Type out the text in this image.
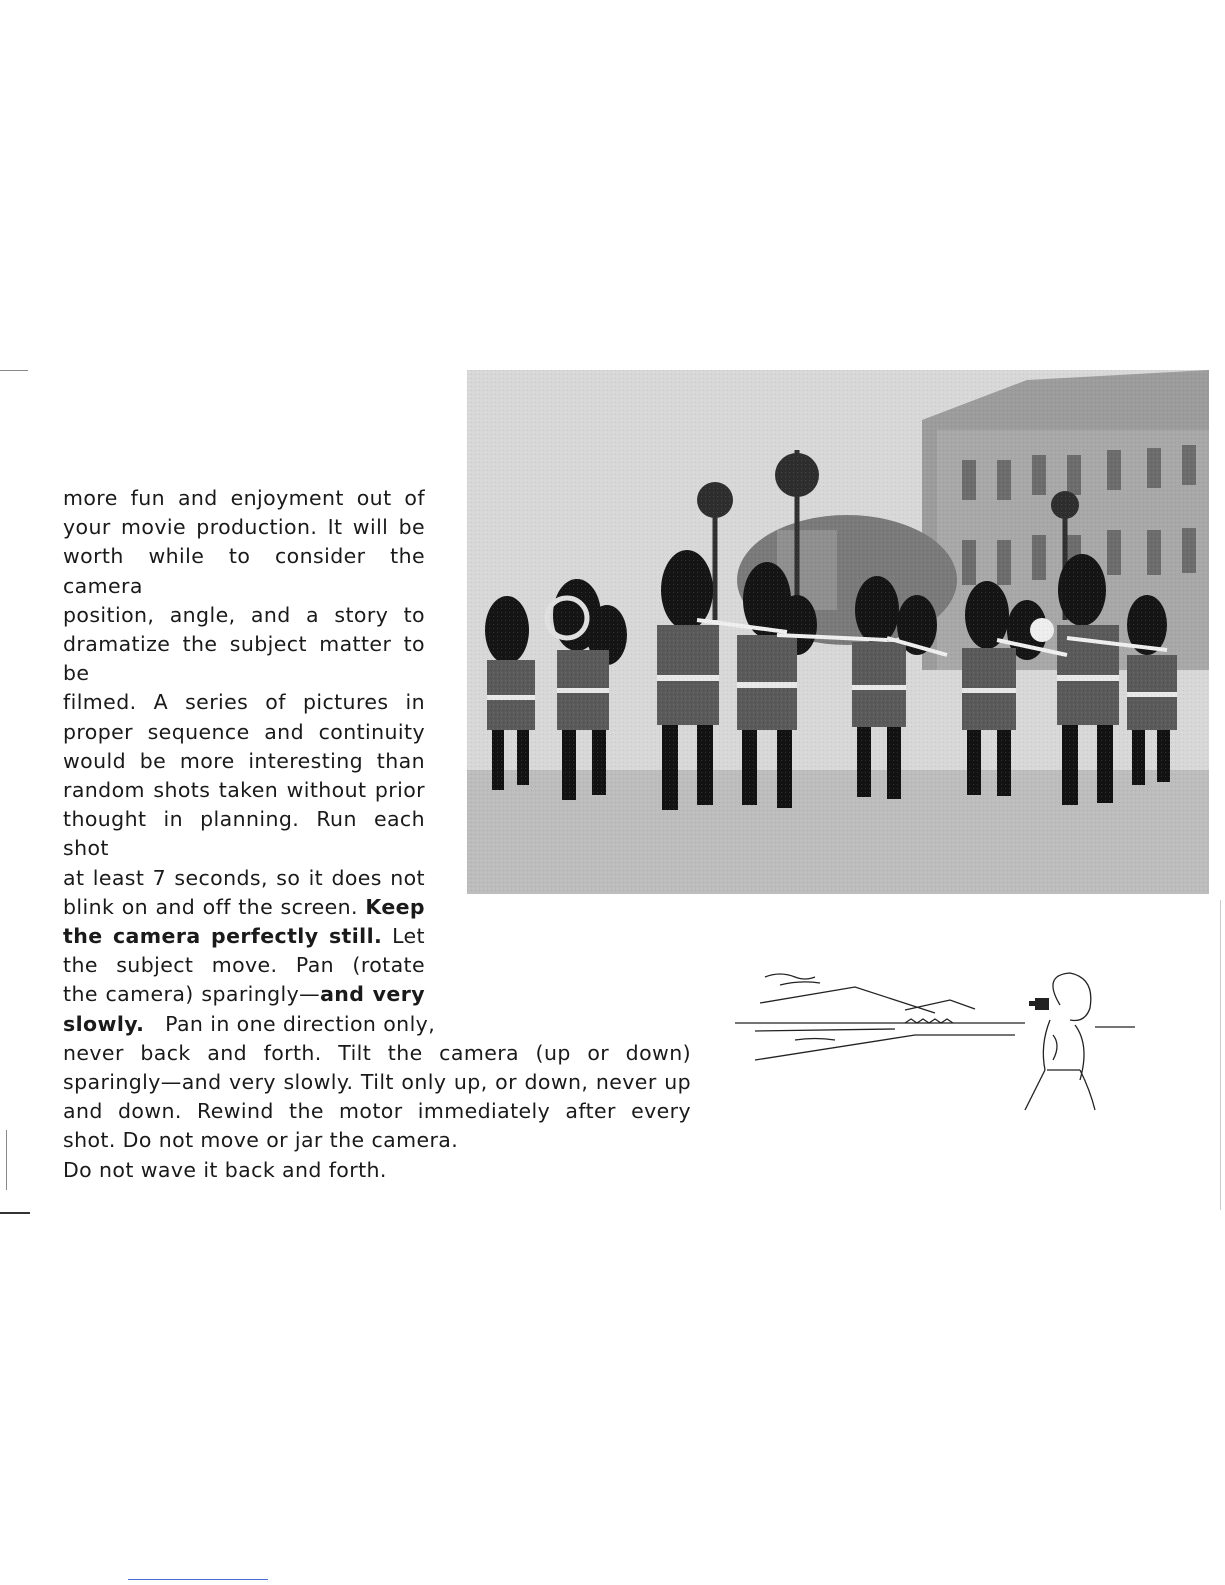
more fun and enjoyment out of
your movie production. It will be
worth while to consider the camera
position, angle, and a story to
dramatize the subject matter to be
filmed. A series of pictures in
proper sequence and continuity
would be more interesting than
random shots taken without prior
thought in planning. Run each shot
at least 7 seconds, so it does not
blink on and off the screen. Keep
the camera perfectly still. Let
the subject move. Pan (rotate
the camera) sparingly—and very
slowly. Pan in one direction only,
never back and forth. Tilt the camera (up or down)
sparingly—and very slowly. Tilt only up, or down, never up
and down. Rewind the motor immediately after every
shot. Do not move or jar the camera.
Do not wave it back and forth.
